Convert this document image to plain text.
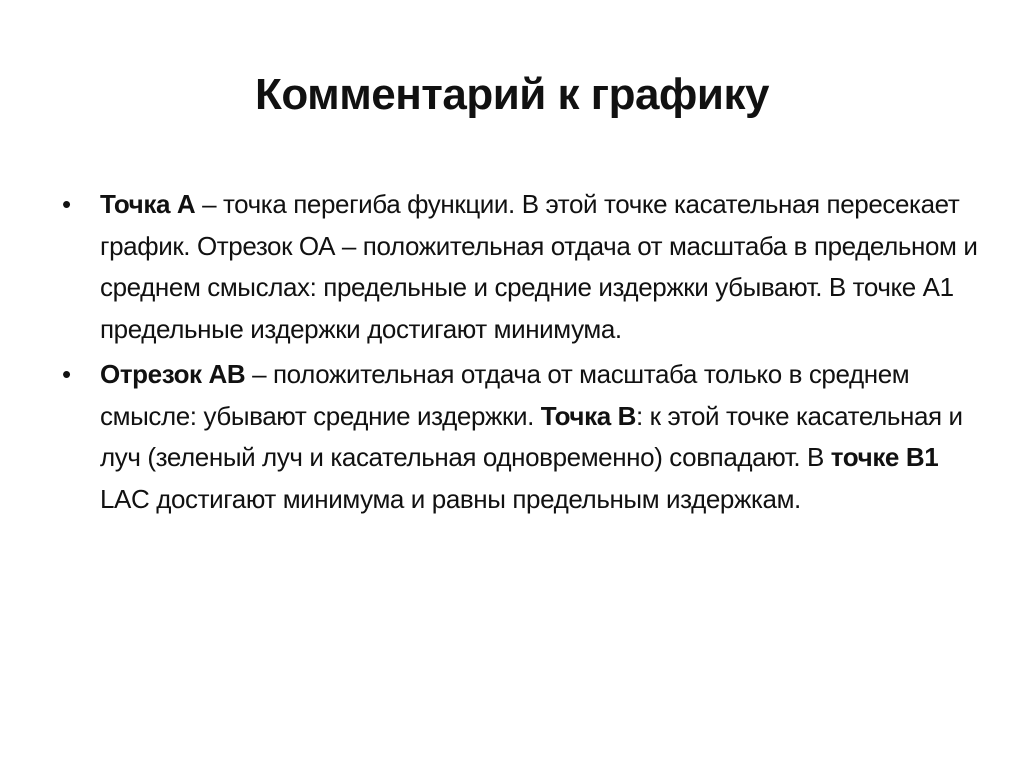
Комментарий к графику
• Точка А – точка перегиба функции. В этой точке касательная пересекает график. Отрезок ОА – положительная отдача от масштаба в предельном и среднем смыслах: предельные и средние издержки убывают. В точке А1 предельные издержки достигают минимума.
• Отрезок АВ – положительная отдача от масштаба только в среднем смысле: убывают средние издержки. Точка В: к этой точке касательная и луч (зеленый луч и касательная одновременно) совпадают. В точке В1 LAC достигают минимума и равны предельным издержкам.
